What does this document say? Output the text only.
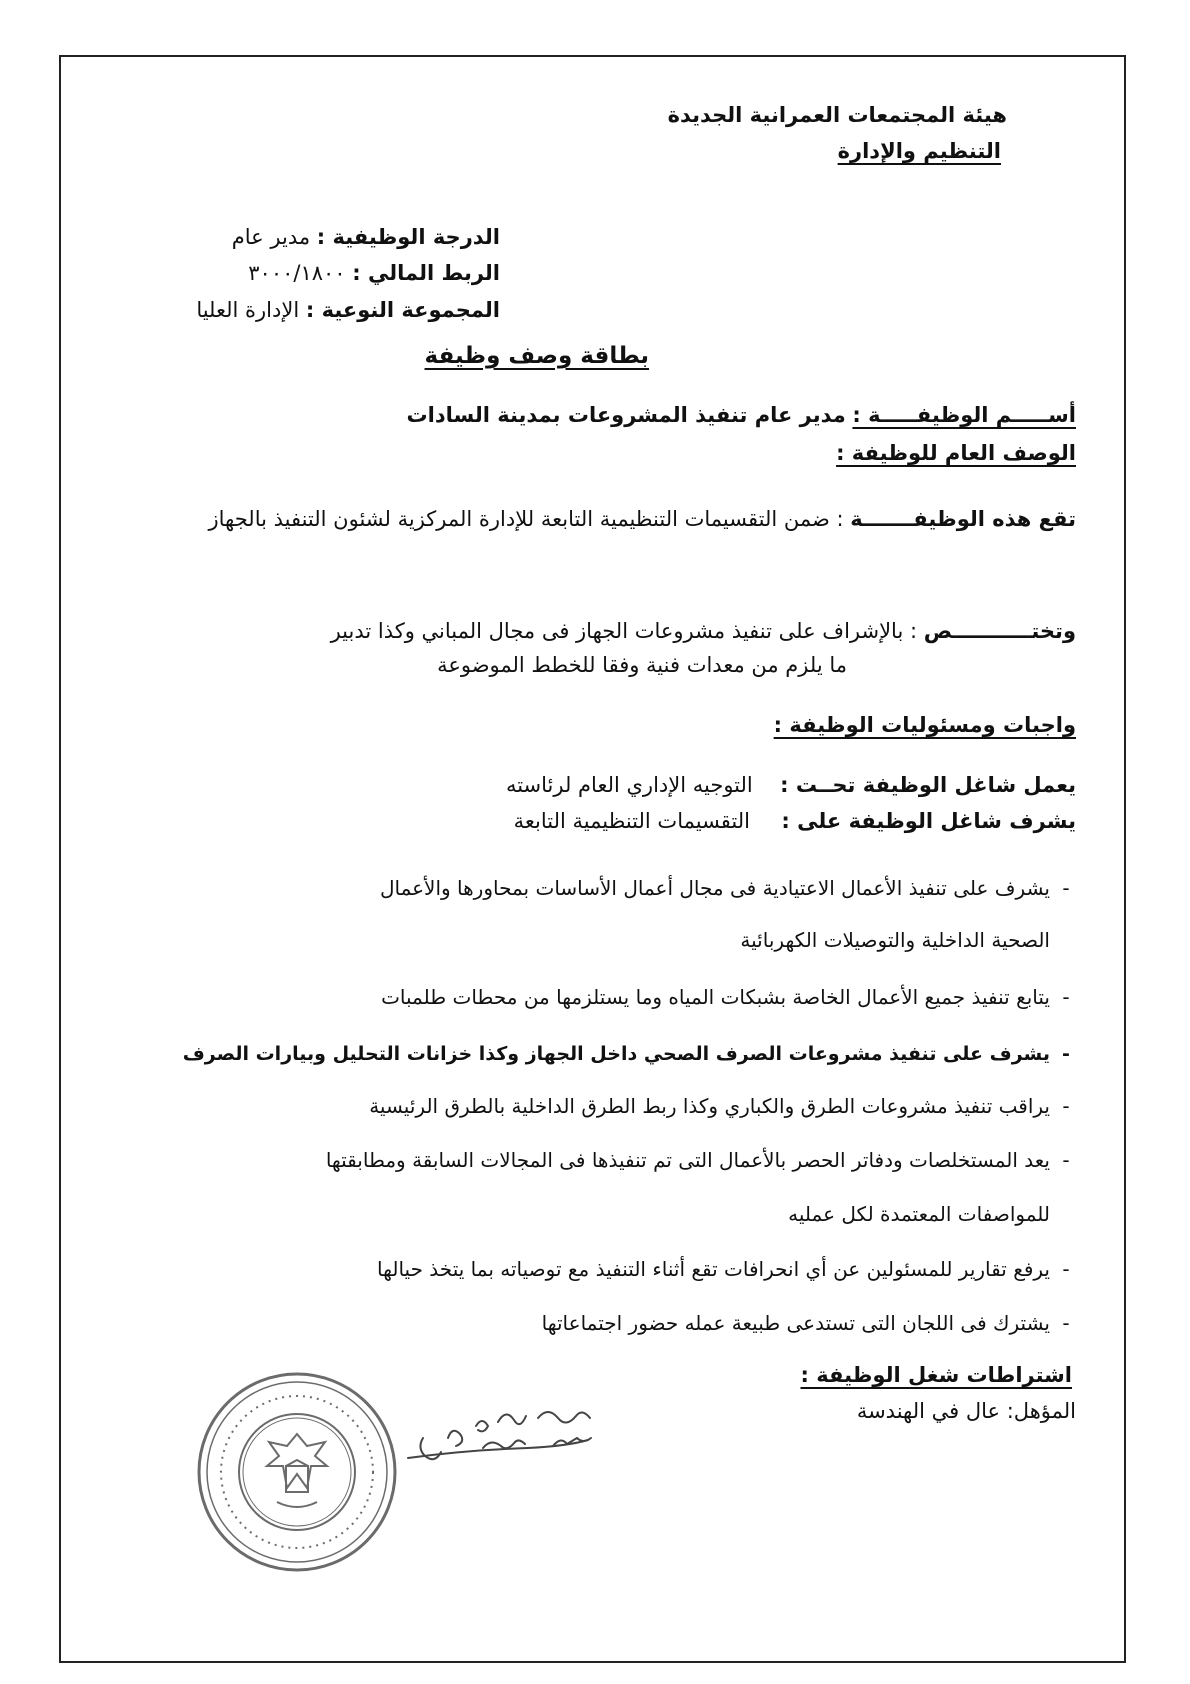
هيئة المجتمعات العمرانية الجديدة
التنظيم والإدارة
الدرجة الوظيفية : مدير عام
الربط المالي : ٣٠٠٠/١٨٠٠
المجموعة النوعية : الإدارة العليا
بطاقة وصف وظيفة
أســـــم الوظيفـــــة : مدير عام تنفيذ المشروعات بمدينة السادات
الوصف العام للوظيفة :
تقع هذه الوظيفـــــــة : ضمن التقسيمات التنظيمية التابعة للإدارة المركزية لشئون التنفيذ بالجهاز
وتختـــــــــــص : بالإشراف على تنفيذ مشروعات الجهاز فى مجال المباني وكذا تدبير
ما يلزم من معدات فنية وفقا للخطط الموضوعة
واجبات ومسئوليات الوظيفة :
يعمل شاغل الوظيفة تحــت :  التوجيه الإداري العام لرئاسته
يشرف شاغل الوظيفة على :  التقسيمات التنظيمية التابعة
-يشرف على تنفيذ الأعمال الاعتيادية فى مجال أعمال الأساسات بمحاورها والأعمال
الصحية الداخلية والتوصيلات الكهربائية
-يتابع تنفيذ جميع الأعمال الخاصة بشبكات المياه وما يستلزمها من محطات طلمبات
-يشرف على تنفيذ مشروعات الصرف الصحي داخل الجهاز وكذا خزانات التحليل وبيارات الصرف
-يراقب تنفيذ مشروعات الطرق والكباري وكذا ربط الطرق الداخلية بالطرق الرئيسية
-يعد المستخلصات ودفاتر الحصر بالأعمال التى تم تنفيذها فى المجالات السابقة ومطابقتها
للمواصفات المعتمدة لكل عمليه
-يرفع تقارير للمسئولين عن أي انحرافات تقع أثناء التنفيذ مع توصياته بما يتخذ حيالها
-يشترك فى اللجان التى تستدعى طبيعة عمله حضور اجتماعاتها
اشتراطات شغل الوظيفة :
المؤهل: عال في الهندسة
